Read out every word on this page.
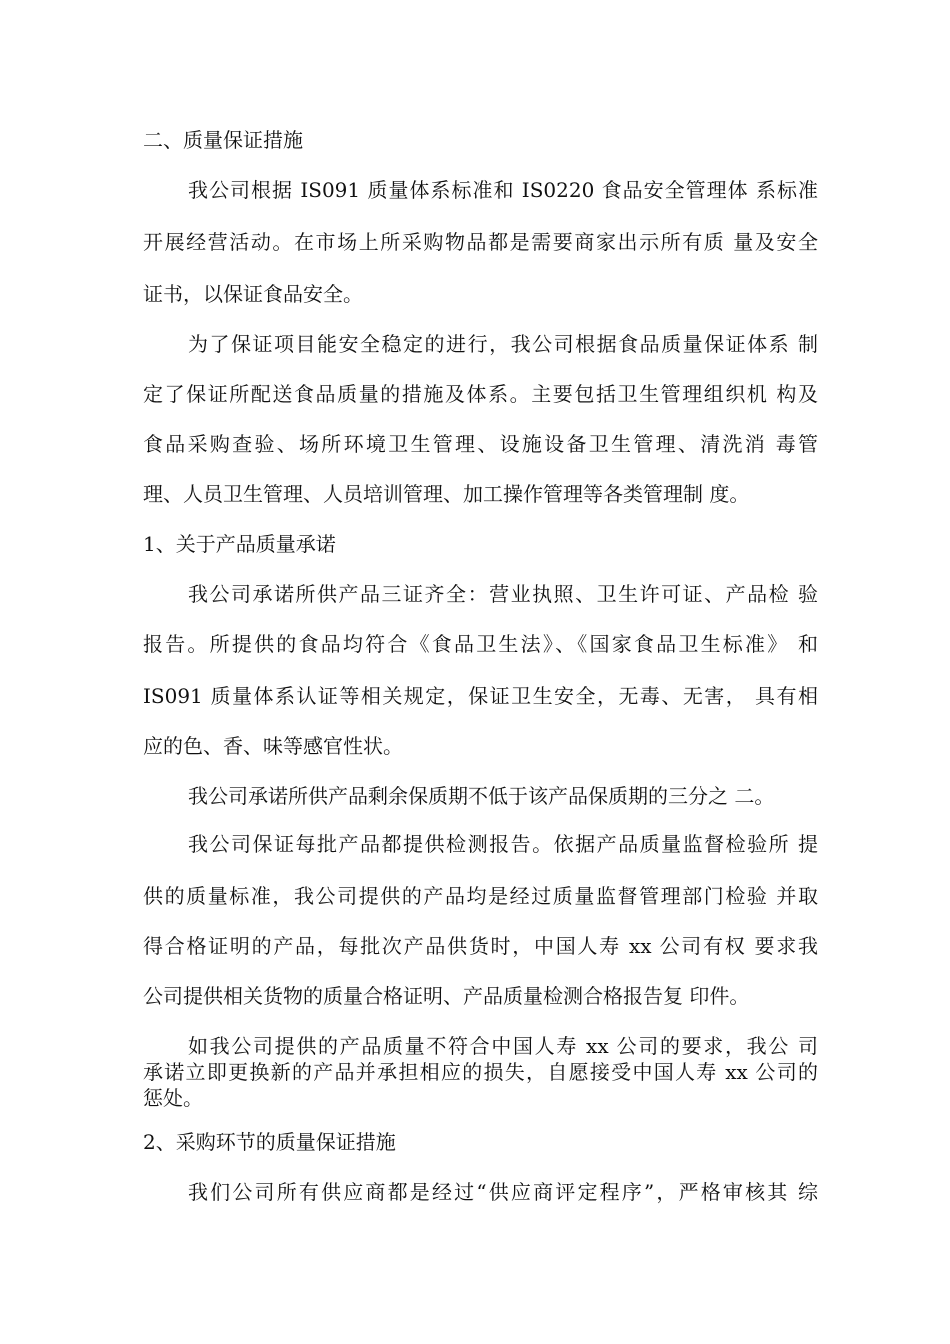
二、质量保证措施
我公司根据 IS091 质量体系标准和 IS0220 食品安全管理体 系标准
开展经营活动。在市场上所采购物品都是需要商家出示所有质 量及安全
证书，以保证食品安全。
为了保证项目能安全稳定的进行，我公司根据食品质量保证体系 制
定了保证所配送食品质量的措施及体系。主要包括卫生管理组织机 构及
食品采购查验、场所环境卫生管理、设施设备卫生管理、清洗消 毒管
理、人员卫生管理、人员培训管理、加工操作管理等各类管理制 度。
1、关于产品质量承诺
我公司承诺所供产品三证齐全：营业执照、卫生许可证、产品检 验
报告。所提供的食品均符合《食品卫生法》、《国家食品卫生标准》 和
IS091 质量体系认证等相关规定，保证卫生安全，无毒、无害， 具有相
应的色、香、味等感官性状。
我公司承诺所供产品剩余保质期不低于该产品保质期的三分之 二。
我公司保证每批产品都提供检测报告。依据产品质量监督检验所 提
供的质量标准，我公司提供的产品均是经过质量监督管理部门检验 并取
得合格证明的产品，每批次产品供货时，中国人寿 xx 公司有权 要求我
公司提供相关货物的质量合格证明、产品质量检测合格报告复 印件。
如我公司提供的产品质量不符合中国人寿 xx 公司的要求，我公 司
承诺立即更换新的产品并承担相应的损失，自愿接受中国人寿 xx 公司的
惩处。
2、采购环节的质量保证措施
我们公司所有供应商都是经过“供应商评定程序”，严格审核其 综
